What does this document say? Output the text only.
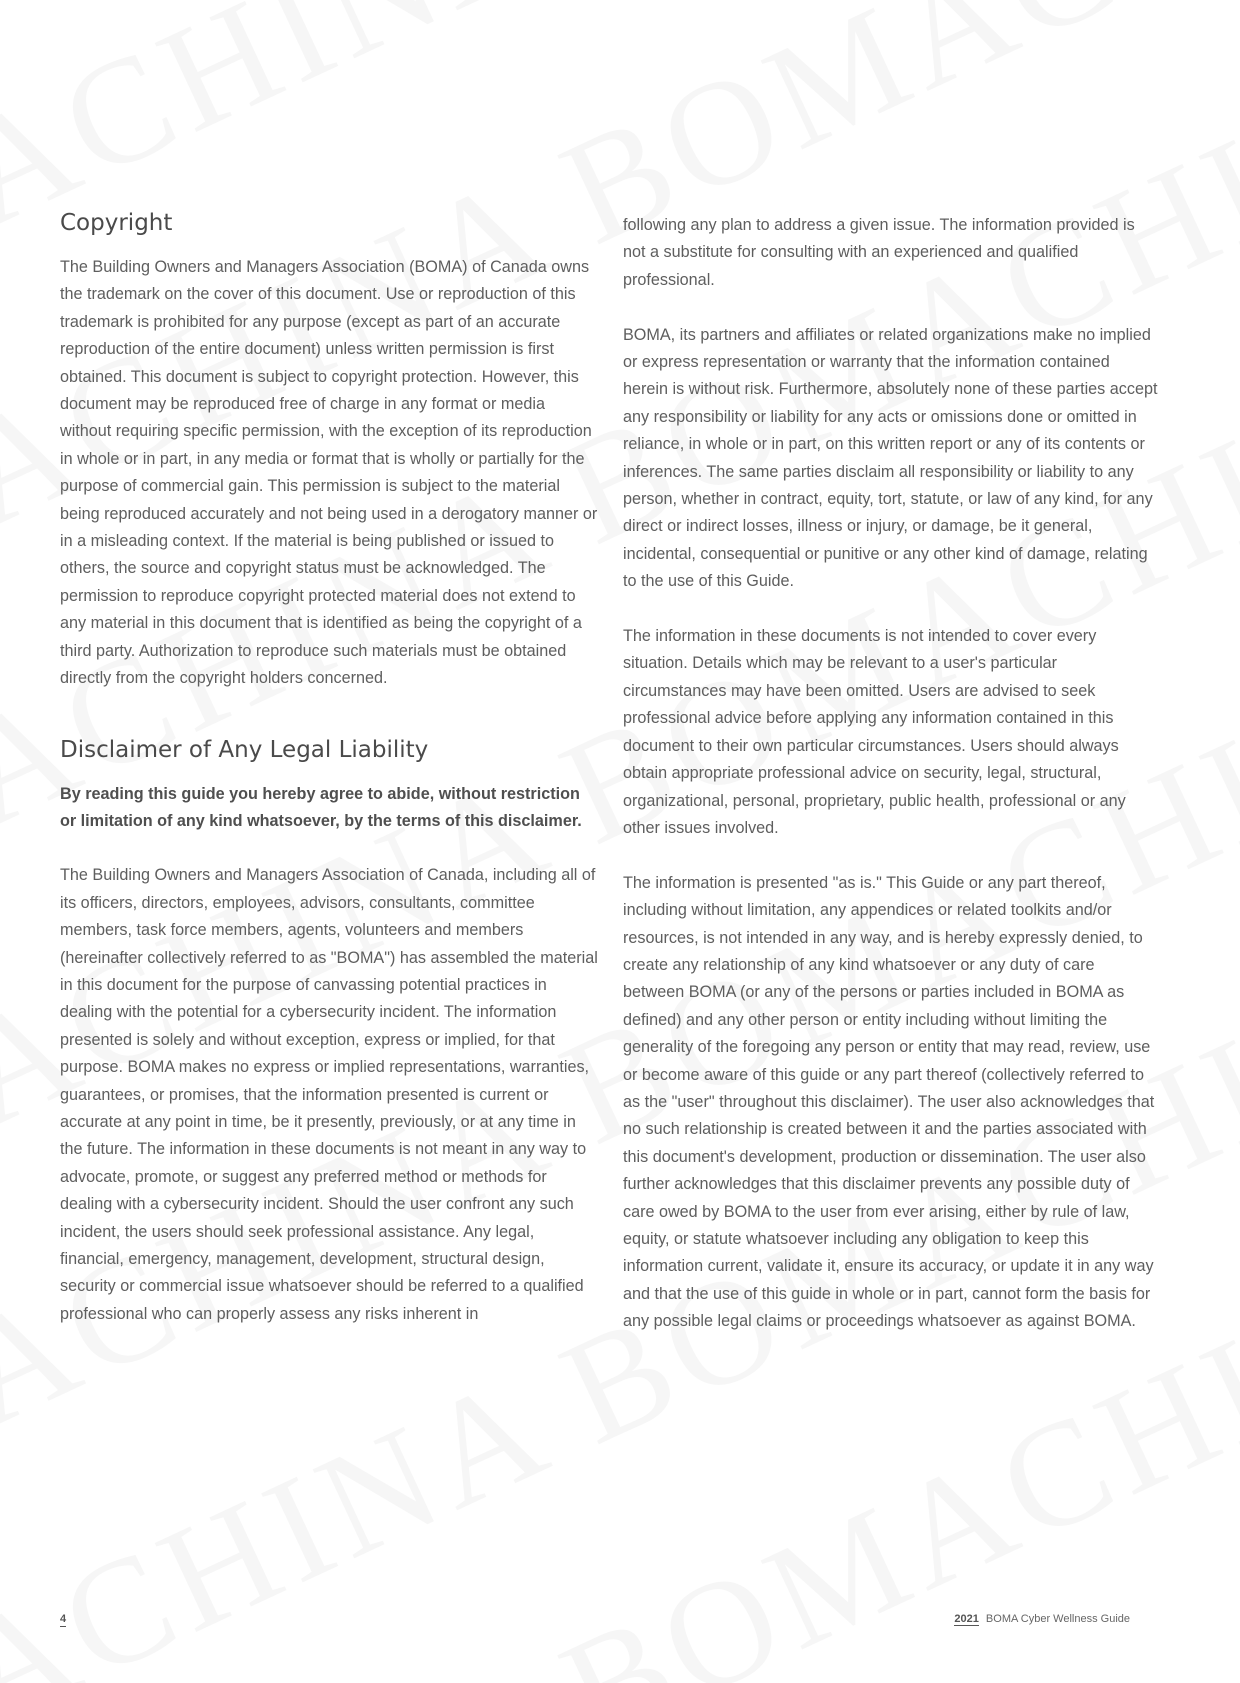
Copyright

The Building Owners and Managers Association (BOMA) of Canada owns the trademark on the cover of this document. Use or reproduction of this trademark is prohibited for any purpose (except as part of an accurate reproduction of the entire document) unless written permission is first obtained. This document is subject to copyright protection. However, this document may be reproduced free of charge in any format or media without requiring specific permission, with the exception of its reproduction in whole or in part, in any media or format that is wholly or partially for the purpose of commercial gain. This permission is subject to the material being reproduced accurately and not being used in a derogatory manner or in a misleading context. If the material is being published or issued to others, the source and copyright status must be acknowledged. The permission to reproduce copyright protected material does not extend to any material in this document that is identified as being the copyright of a third party. Authorization to reproduce such materials must be obtained directly from the copyright holders concerned.

Disclaimer of Any Legal Liability

By reading this guide you hereby agree to abide, without restriction or limitation of any kind whatsoever, by the terms of this disclaimer.

The Building Owners and Managers Association of Canada, including all of its officers, directors, employees, advisors, consultants, committee members, task force members, agents, volunteers and members (hereinafter collectively referred to as "BOMA") has assembled the material in this document for the purpose of canvassing potential practices in dealing with the potential for a cybersecurity incident. The information presented is solely and without exception, express or implied, for that purpose. BOMA makes no express or implied representations, warranties, guarantees, or promises, that the information presented is current or accurate at any point in time, be it presently, previously, or at any time in the future. The information in these documents is not meant in any way to advocate, promote, or suggest any preferred method or methods for dealing with a cybersecurity incident. Should the user confront any such incident, the users should seek professional assistance. Any legal, financial, emergency, management, development, structural design, security or commercial issue whatsoever should be referred to a qualified professional who can properly assess any risks inherent in

following any plan to address a given issue. The information provided is not a substitute for consulting with an experienced and qualified professional.

BOMA, its partners and affiliates or related organizations make no implied or express representation or warranty that the information contained herein is without risk. Furthermore, absolutely none of these parties accept any responsibility or liability for any acts or omissions done or omitted in reliance, in whole or in part, on this written report or any of its contents or inferences. The same parties disclaim all responsibility or liability to any person, whether in contract, equity, tort, statute, or law of any kind, for any direct or indirect losses, illness or injury, or damage, be it general, incidental, consequential or punitive or any other kind of damage, relating to the use of this Guide.

The information in these documents is not intended to cover every situation. Details which may be relevant to a user's particular circumstances may have been omitted. Users are advised to seek professional advice before applying any information contained in this document to their own particular circumstances. Users should always obtain appropriate professional advice on security, legal, structural, organizational, personal, proprietary, public health, professional or any other issues involved.

The information is presented "as is." This Guide or any part thereof, including without limitation, any appendices or related toolkits and/or resources, is not intended in any way, and is hereby expressly denied, to create any relationship of any kind whatsoever or any duty of care between BOMA (or any of the persons or parties included in BOMA as defined) and any other person or entity including without limiting the generality of the foregoing any person or entity that may read, review, use or become aware of this guide or any part thereof (collectively referred to as the "user" throughout this disclaimer). The user also acknowledges that no such relationship is created between it and the parties associated with this document's development, production or dissemination. The user also further acknowledges that this disclaimer prevents any possible duty of care owed by BOMA to the user from ever arising, either by rule of law, equity, or statute whatsoever including any obligation to keep this information current, validate it, ensure its accuracy, or update it in any way and that the use of this guide in whole or in part, cannot form the basis for any possible legal claims or proceedings whatsoever as against BOMA.

4	2021 BOMA Cyber Wellness Guide
